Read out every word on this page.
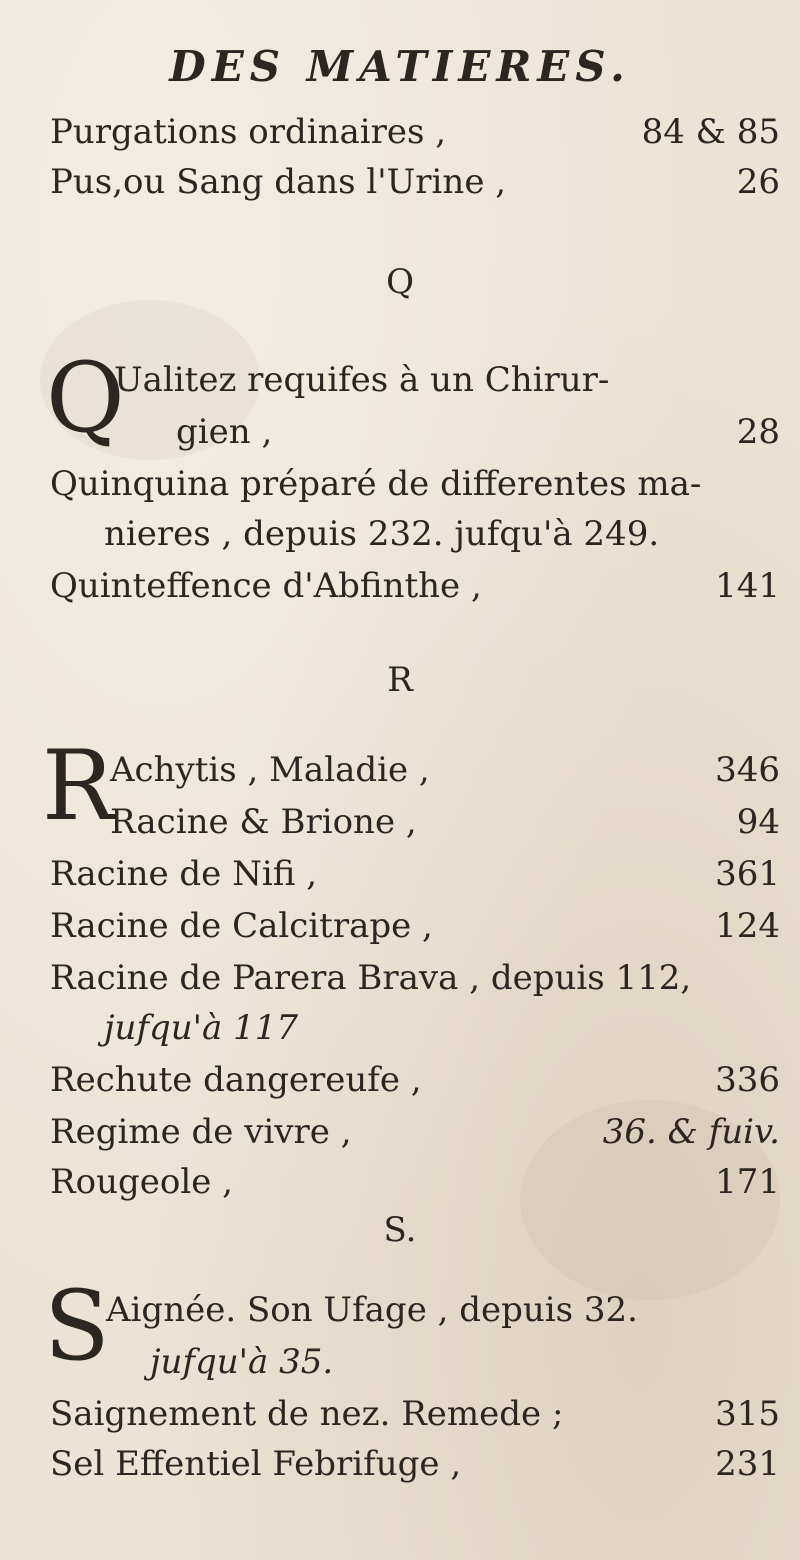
DES MATIERES.
Purgations ordinaires ,	84 & 85
Pus,ou Sang dans l'Urine ,	26
Q
Q
Ualitez requifes à un Chirur-
gien ,	28
Quinquina préparé de differentes ma-
nieres , depuis 232. jufqu'à 249.
Quinteffence d'Abfinthe ,	141
R
R
Achytis , Maladie ,	346
Racine & Brione ,	94
Racine de Nifi ,	361
Racine de Calcitrape ,	124
Racine de Parera Brava , depuis 112,
jufqu'à 117
Rechute dangereufe ,	336
Regime de vivre ,	36. & fuiv.
Rougeole ,	171
S.
S
Aignée. Son Ufage , depuis 32.
jufqu'à 35.
Saignement de nez. Remede ;	315
Sel Effentiel Febrifuge ,	231
